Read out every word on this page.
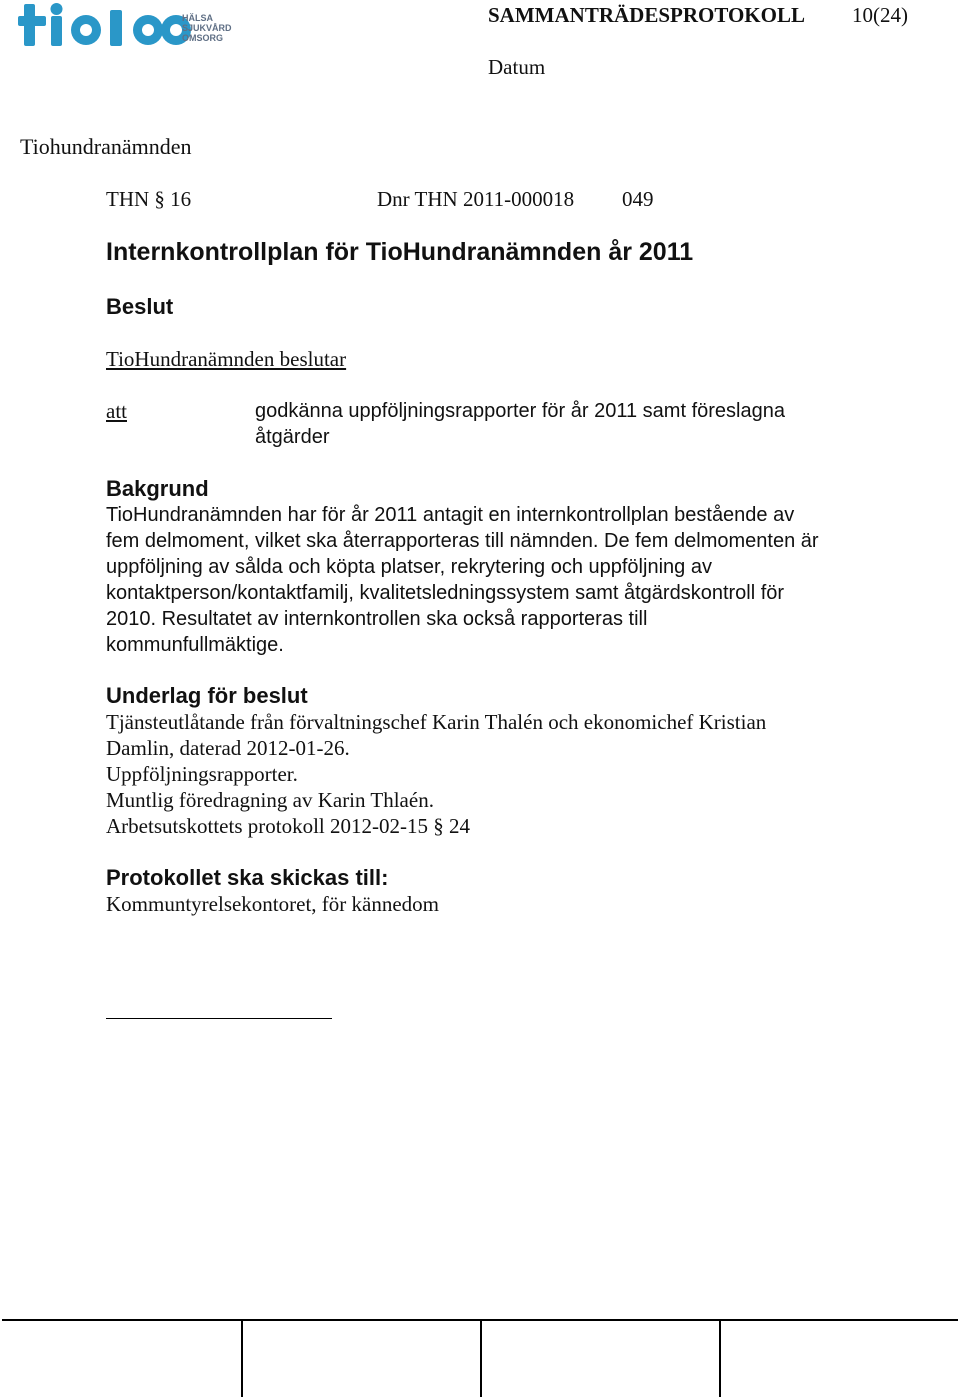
HÄLSA
SJUKVÅRD
OMSORG
SAMMANTRÄDESPROTOKOLL 10(24)
Datum
Tiohundranämnden
THN § 16	Dnr THN 2011-000018 049
Internkontrollplan för TioHundranämnden år 2011
Beslut
TioHundranämnden beslutar
att	godkänna uppföljningsrapporter för år 2011 samt föreslagna
åtgärder
Bakgrund
TioHundranämnden har för år 2011 antagit en internkontrollplan bestående av
fem delmoment, vilket ska återrapporteras till nämnden. De fem delmomenten är
uppföljning av sålda och köpta platser, rekrytering och uppföljning av
kontaktperson/kontaktfamilj, kvalitetsledningssystem samt åtgärdskontroll för
2010. Resultatet av internkontrollen ska också rapporteras till
kommunfullmäktige.
Underlag för beslut
Tjänsteutlåtande från förvaltningschef Karin Thalén och ekonomichef Kristian
Damlin, daterad 2012-01-26.
Uppföljningsrapporter.
Muntlig föredragning av Karin Thlaén.
Arbetsutskottets protokoll 2012-02-15 § 24
Protokollet ska skickas till:
Kommuntyrelsekontoret, för kännedom
